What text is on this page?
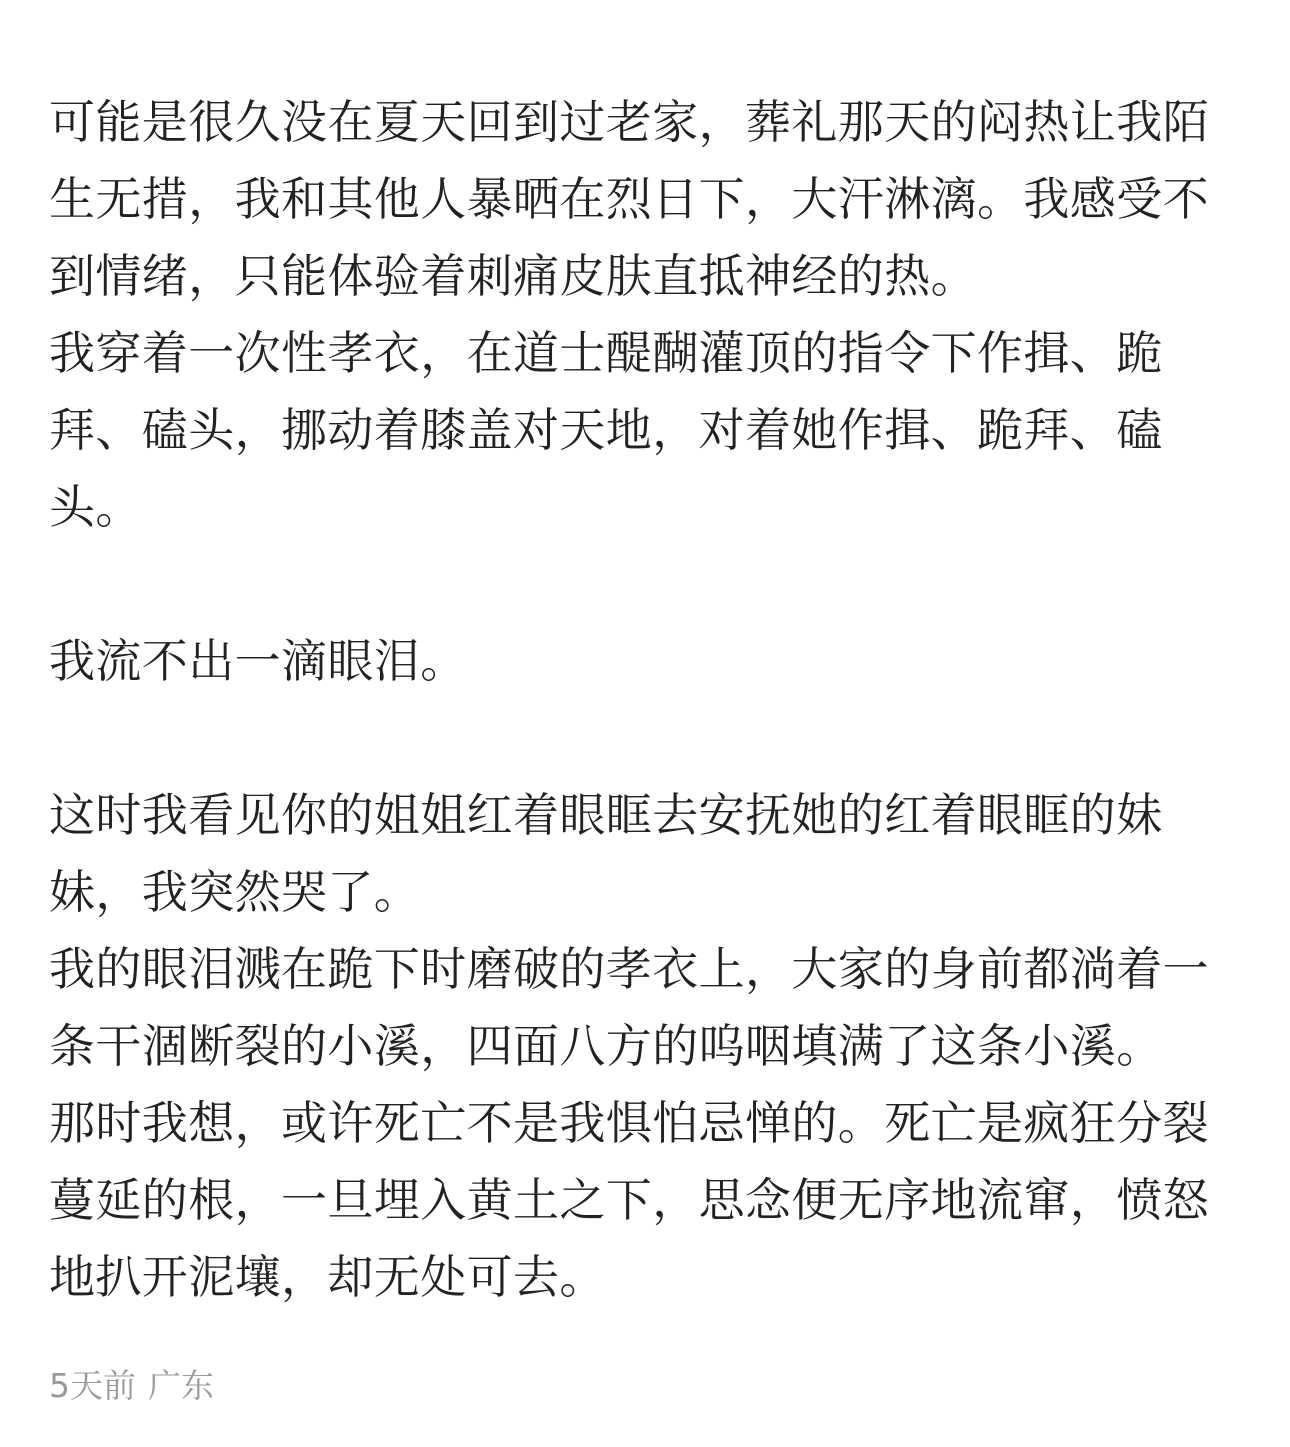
可能是很久没在夏天回到过老家，葬礼那天的闷热让我陌
生无措，我和其他人暴晒在烈日下，大汗淋漓。我感受不
到情绪，只能体验着刺痛皮肤直抵神经的热。
我穿着一次性孝衣，在道士醍醐灌顶的指令下作揖、跪
拜、磕头，挪动着膝盖对天地，对着她作揖、跪拜、磕
头。
我流不出一滴眼泪。
这时我看见你的姐姐红着眼眶去安抚她的红着眼眶的妹
妹，我突然哭了。
我的眼泪溅在跪下时磨破的孝衣上，大家的身前都淌着一
条干涸断裂的小溪，四面八方的呜咽填满了这条小溪。
那时我想，或许死亡不是我惧怕忌惮的。死亡是疯狂分裂
蔓延的根，一旦埋入黄土之下，思念便无序地流窜，愤怒
地扒开泥壤，却无处可去。
5天前 广东
